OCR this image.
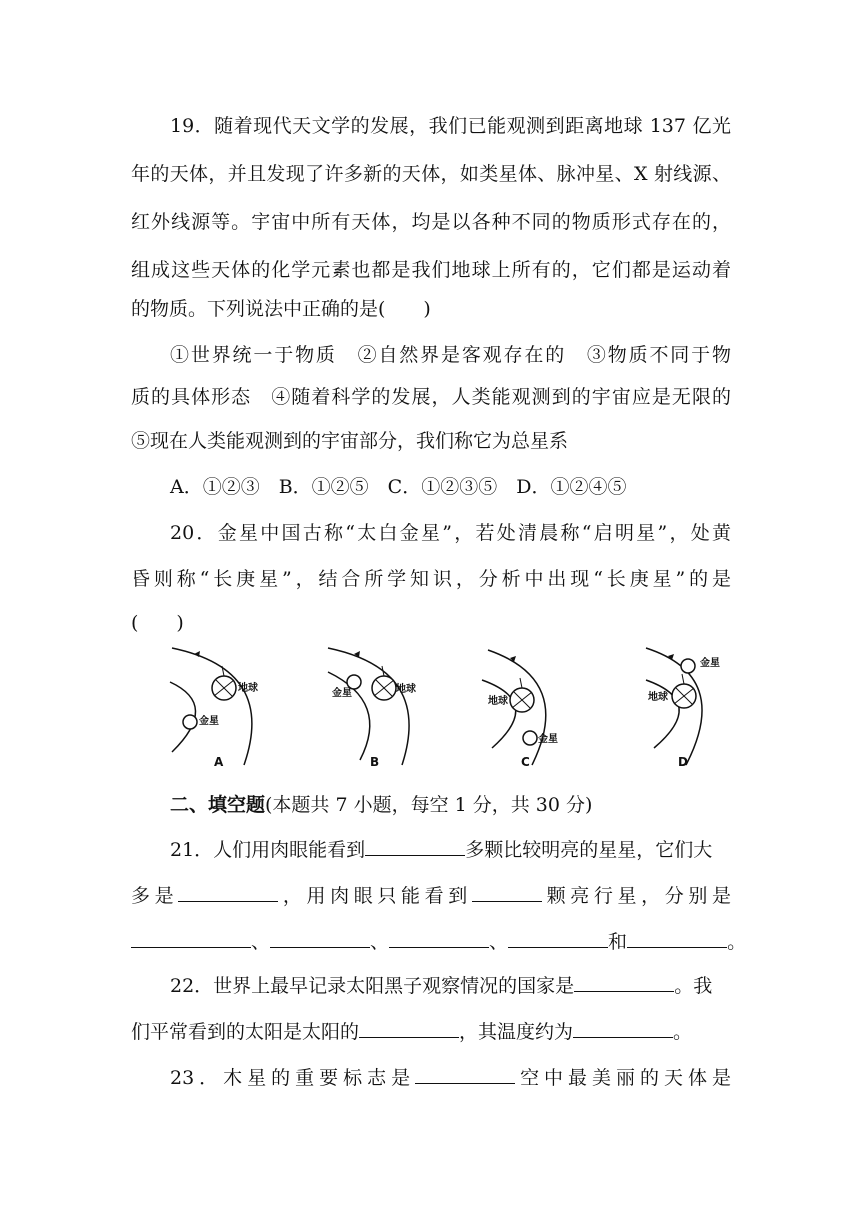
19．随着现代天文学的发展，我们已能观测到距离地球 137 亿光

年的天体，并且发现了许多新的天体，如类星体、脉冲星、X 射线源、

红外线源等。宇宙中所有天体，均是以各种不同的物质形式存在的，

组成这些天体的化学元素也都是我们地球上所有的，它们都是运动着

的物质。下列说法中正确的是(　　)

①世界统一于物质　②自然界是客观存在的　③物质不同于物

质的具体形态　④随着科学的发展，人类能观测到的宇宙应是无限的

⑤现在人类能观测到的宇宙部分，我们称它为总星系

A．①②③　B．①②⑤　C．①②③⑤　D．①②④⑤

20．金星中国古称“太白金星”，若处清晨称“启明星”，处黄

昏则称“长庚星”，结合所学知识，分析中出现“长庚星”的是

(　　)

地球
金星
A
地球
金星
B
地球
金星
C
金星
地球
D

二、填空题(本题共 7 小题，每空 1 分，共 30 分)

21．人们用肉眼能看到	多颗比较明亮的星星，它们大

多是	，用肉眼只能看到	颗亮行星，分别是

、	、	、	和	。

22．世界上最早记录太阳黑子观察情况的国家是	。我

们平常看到的太阳是太阳的	，其温度约为	。

23．木星的重要标志是	空中最美丽的天体是
